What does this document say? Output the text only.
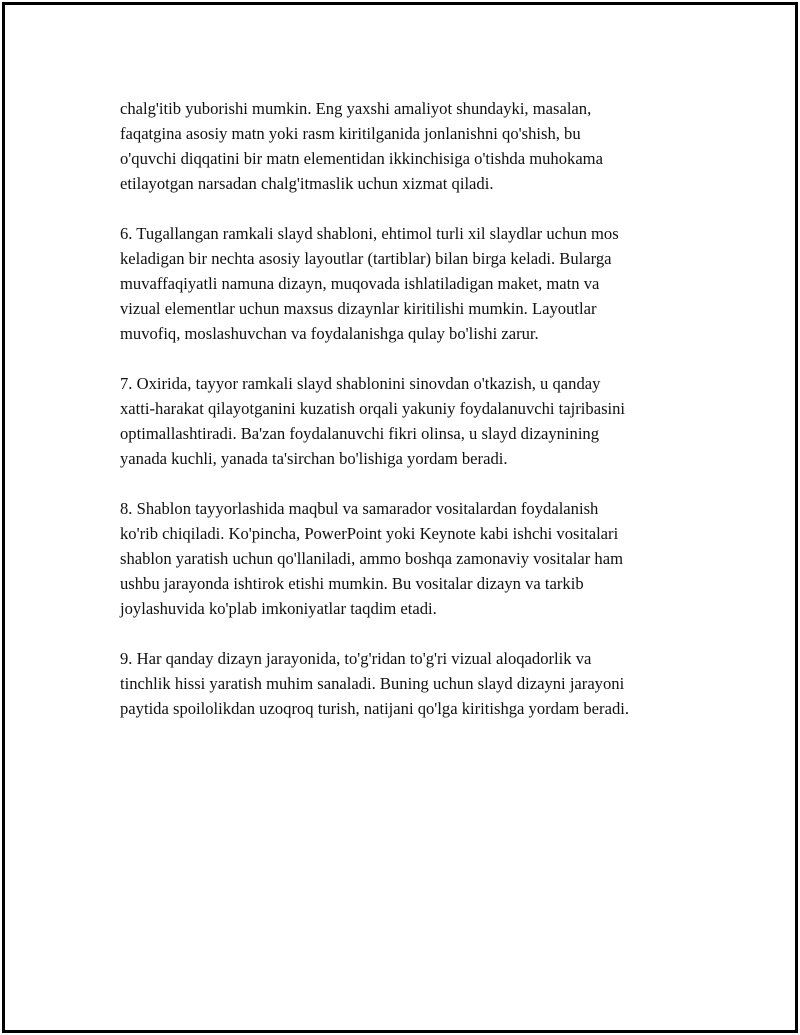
chalg'itib yuborishi mumkin. Eng yaxshi amaliyot shundayki, masalan,
faqatgina asosiy matn yoki rasm kiritilganida jonlanishni qo'shish, bu
o'quvchi diqqatini bir matn elementidan ikkinchisiga o'tishda muhokama
etilayotgan narsadan chalg'itmaslik uchun xizmat qiladi.

6. Tugallangan ramkali slayd shabloni, ehtimol turli xil slaydlar uchun mos
keladigan bir nechta asosiy layoutlar (tartiblar) bilan birga keladi. Bularga
muvaffaqiyatli namuna dizayn, muqovada ishlatiladigan maket, matn va
vizual elementlar uchun maxsus dizaynlar kiritilishi mumkin. Layoutlar
muvofiq, moslashuvchan va foydalanishga qulay bo'lishi zarur.

7. Oxirida, tayyor ramkali slayd shablonini sinovdan o'tkazish, u qanday
xatti-harakat qilayotganini kuzatish orqali yakuniy foydalanuvchi tajribasini
optimallashtiradi. Ba'zan foydalanuvchi fikri olinsa, u slayd dizaynining
yanada kuchli, yanada ta'sirchan bo'lishiga yordam beradi.

8. Shablon tayyorlashida maqbul va samarador vositalardan foydalanish
ko'rib chiqiladi. Ko'pincha, PowerPoint yoki Keynote kabi ishchi vositalari
shablon yaratish uchun qo'llaniladi, ammo boshqa zamonaviy vositalar ham
ushbu jarayonda ishtirok etishi mumkin. Bu vositalar dizayn va tarkib
joylashuvida ko'plab imkoniyatlar taqdim etadi.

9. Har qanday dizayn jarayonida, to'g'ridan to'g'ri vizual aloqadorlik va
tinchlik hissi yaratish muhim sanaladi. Buning uchun slayd dizayni jarayoni
paytida spoilolikdan uzoqroq turish, natijani qo'lga kiritishga yordam beradi.
